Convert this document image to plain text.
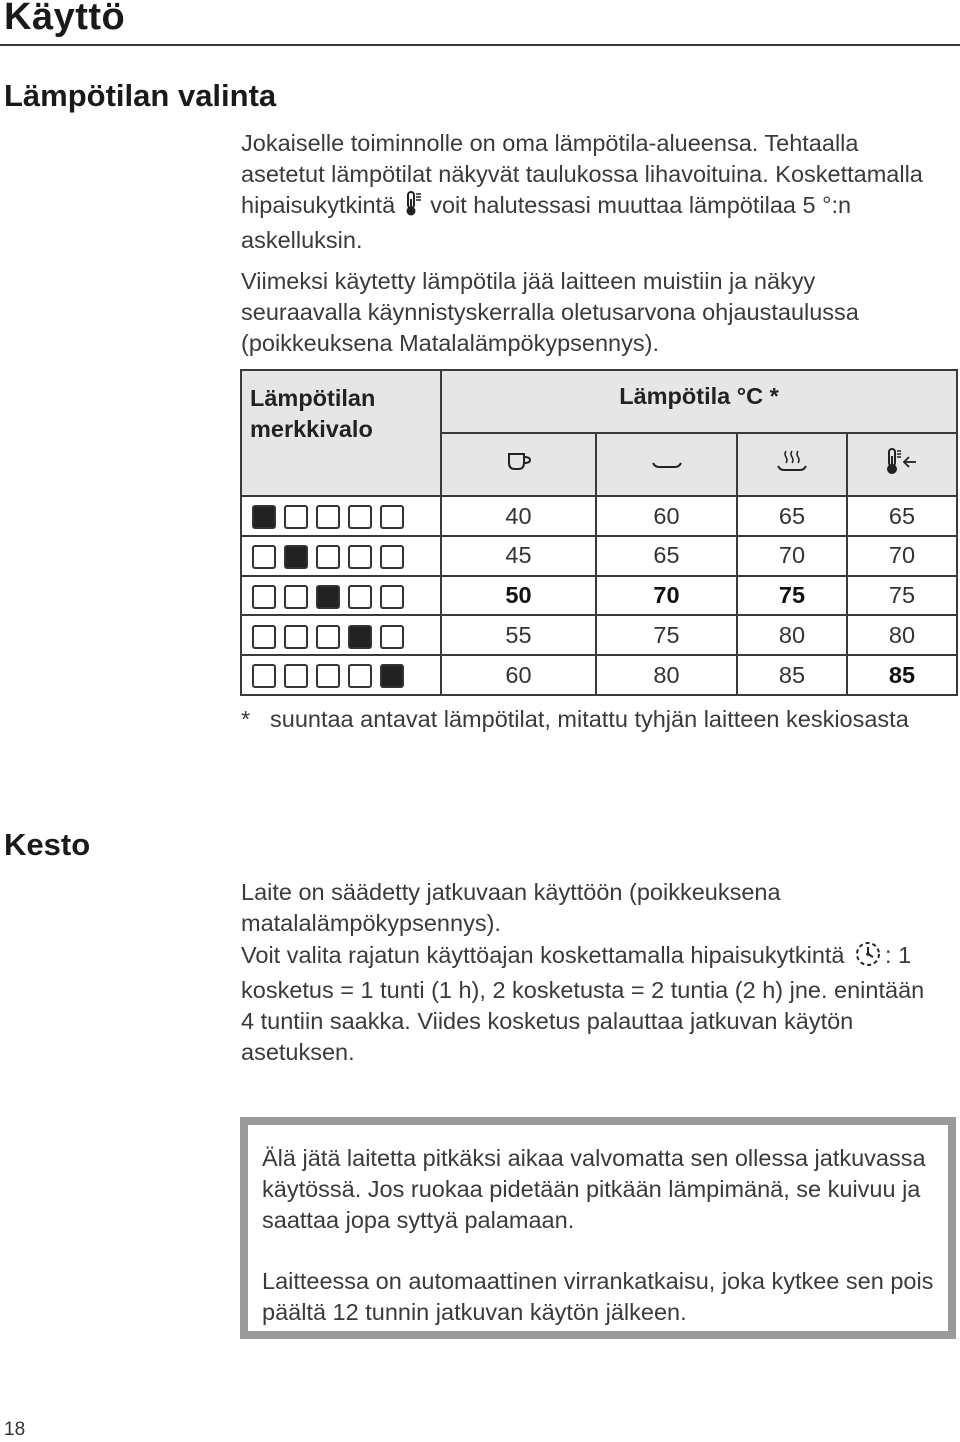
Käyttö
Lämpötilan valinta
Jokaiselle toiminnolle on oma lämpötila-alueensa. Tehtaalla asetetut lämpötilat näkyvät taulukossa lihavoituina. Koskettamalla hipaisukytkintä voit halutessasi muuttaa lämpötilaa 5 °:n askelluksin.
Viimeksi käytetty lämpötila jää laitteen muistiin ja näkyy seuraavalla käynnistyskerralla oletusarvona ohjaustaulussa (poikkeuksena Matalalämpökypsennys).
Lämpötilan
merkkivalo	Lämpötila °C *			

	40	60	65	65
	45	65	70	70
	50	70	75	75
	55	75	80	80
	60	80	85	85
* suuntaa antavat lämpötilat, mitattu tyhjän laitteen keskiosasta
Kesto
Laite on säädetty jatkuvaan käyttöön (poikkeuksena matalalämpökypsennys).
Voit valita rajatun käyttöajan koskettamalla hipaisukytkintä : 1 kosketus = 1 tunti (1 h), 2 kosketusta = 2 tuntia (2 h) jne. enintään 4 tuntiin saakka. Viides kosketus palauttaa jatkuvan käytön asetuksen.
Älä jätä laitetta pitkäksi aikaa valvomatta sen ollessa jatkuvassa käytössä. Jos ruokaa pidetään pitkään lämpimänä, se kuivuu ja saattaa jopa syttyä palamaan.
Laitteessa on automaattinen virrankatkaisu, joka kytkee sen pois päältä 12 tunnin jatkuvan käytön jälkeen.
18
